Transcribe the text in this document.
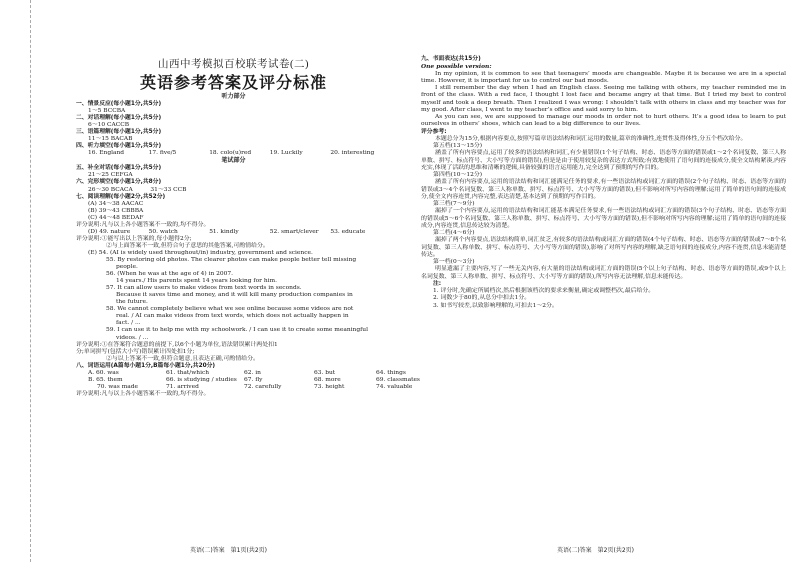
山西中考模拟百校联考试卷(二)
英语参考答案及评分标准
听力部分
一、情景反应(每小题1分,共5分)
1～5 BCCBA
二、对话理解(每小题1分,共5分)
6～10 CACCB
三、语篇理解(每小题1分,共5分)
11～15 BACAB
四、听力填空(每小题1分,共5分)
16. England	17. five/5	18. colo(u)red	19. Luckily	20. interesting
笔试部分
五、补全对话(每小题1分,共5分)
21～25 CEFGA
六、完形填空(每小题1分,共8分)
26～30 BCACA　　　	31～33 CCB
七、阅读理解(每小题2分,共52分)
(A) 34～38 AACAC
(B) 39～43 CBBBA
(C) 44～48 BEDAF
评分说明:凡与以上各小题答案不一致的,均不得分。
(D) 49. nature	50. watch	51. kindly	52. smart/clever	53. educate
评分说明:①能写出以上答案的,每小题得2分;
②与上面答案不一致,但符合句子意思的其他答案,可酌情给分。
(E) 54. (AI is widely used throughout/in) industry, government and science.
55. By restoring old photos. The clearer photos can make people better tell missing
people.
56. (When he was at the age of 4) in 2007.
14 years./ His parents spent 14 years looking for him.
57. It can allow users to make videos from text words in seconds.
Because it saves time and money, and it will kill many production companies in
the future.
58. We cannot completely believe what we see online because some videos are not
real. / AI can make videos from text words, which does not actually happen in
fact. / ...
59. I can use it to help me with my schoolwork. / I can use it to create some meaningful
videos. / ...
评分说明:①在答案符合题意的前提下,以6个小题为单位,语法错误累计两处扣1
分;单词拼写(包括大小写)错误累计四处扣1分;
②与以上答案不一致,但符合题意,且表达正确,可酌情给分。
八、词语运用(A篇每小题1分,B篇每小题1分,共20分)
A. 60. was	61. that/which	62. in	63. but	64. things
B. 65. them	66. is studying / studies	67. fly	68. more	69. classmates
70. was made	71. arrived	72. carefully	73. height	74. valuable
评分说明:凡与以上各小题答案不一致的,均不得分。
英语(二)答案　第1页(共2页)
九、书面表达(共15分)
One possible version:
In my opinion, it is common to see that teenagers’ moods are changeable. Maybe it is because we are in a special time. However, it is important for us to control our bad moods.
I still remember the day when I had an English class. Seeing me talking with others, my teacher reminded me in front of the class. With a red face, I thought I lost face and became angry at that time. But I tried my best to control myself and took a deep breath. Then I realized I was wrong: I shouldn’t talk with others in class and my teacher was for my good. After class, I went to my teacher’s office and said sorry to him.
As you can see, we are supposed to manage our moods in order not to hurt others. It’s a good idea to learn to put ourselves in others’ shoes, which can lead to a big difference to our lives.
评分参考:
本题总分为15分,根据内容要点,按照写篇章语法结构和词汇运用的数量,篇章的准确性,连贯性及得体性,分五个档次给分。
第五档(13～15分)
涵盖了所有内容要点,运用了较多的语法结构和词汇,有少量错误(1个句子结构、时态、语态等方面的错误或1～2个名词复数、第三人称单数、拼写、标点符号、大小写等方面的错误),但是是由于使用较复杂的表达方式所致;有效地使用了语句间的连接成分,使全文结构紧凑,内容充实,体现了活跃的思维和清晰的逻辑,具备较强的语言运用能力,完全达到了预期的写作目的。
第四档(10～12分)
涵盖了所有内容要点,运用的语法结构和词汇能满足任务的要求,有一些语法结构或词汇方面的错误(2个句子结构、时态、语态等方面的错误或3～4个名词复数、第三人称单数、拼写、标点符号、大小写等方面的错误),但不影响对所写内容的理解;运用了简单的语句间的连接成分,使全文内容连贯,内容完整,表达清楚,基本达到了预期的写作目的。
第三档(7～9分)
漏掉了一个内容要点,运用的语法结构和词汇能基本满足任务要求,有一些语法结构或词汇方面的错误(3个句子结构、时态、语态等方面的错误或5～6个名词复数、第三人称单数、拼写、标点符号、大小写等方面的错误),但不影响对所写内容的理解;运用了简单的语句间的连接成分,内容连贯,信息传达较为清楚。
第二档(4～6分)
漏掉了两个内容要点,语法结构简单,词汇贫乏,有较多的语法结构或词汇方面的错误(4个句子结构、时态、语态等方面的错误或7～8个名词复数、第三人称单数、拼写、标点符号、大小写等方面的错误),影响了对所写内容的理解,缺乏语句间的连接成分,内容不连贯,信息未能清楚传达。
第一档(0～3分)
明显遗漏了主要内容,写了一些无关内容,有大量的语法结构或词汇方面的错误(5个以上句子结构、时态、语态等方面的错误,或9个以上名词复数、第三人称单数、拼写、标点符号、大小写等方面的错误),所写内容无法理解,信息未能传达。
注:
1. 评分时,先确定所属档次,然后根据该档次的要求来衡量,确定或调整档次,最后给分。
2. 词数少于80的,从总分中扣去1分。
3. 如书写较差,以致影响理解的,可扣去1～2分。
英语(二)答案　第2页(共2页)
